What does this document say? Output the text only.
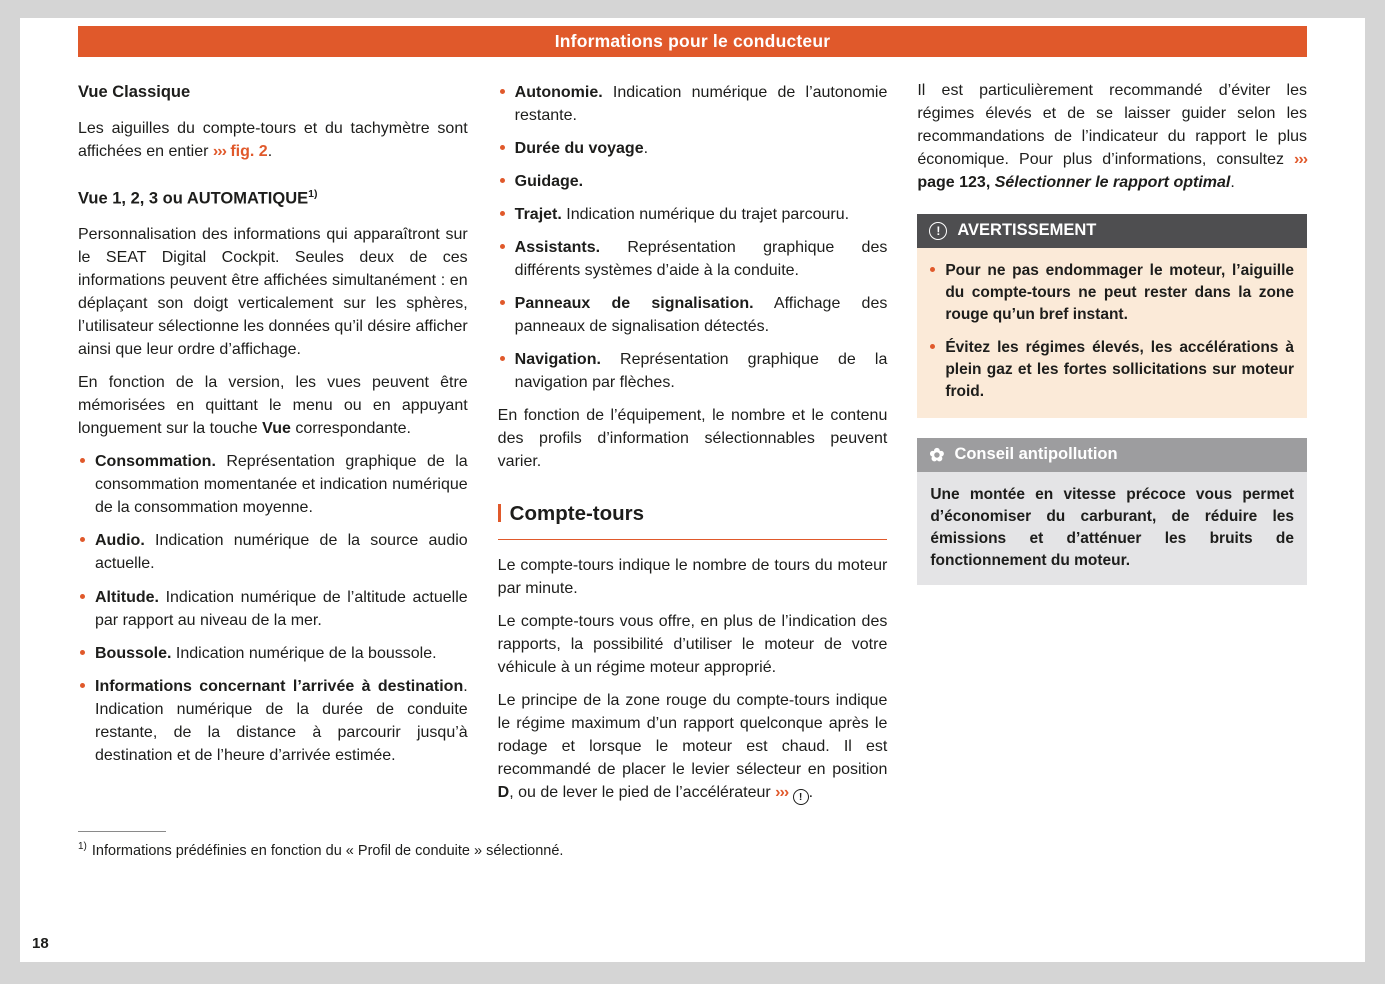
Informations pour le conducteur
Vue Classique

Les aiguilles du compte-tours et du tachymètre sont affichées en entier ››› fig. 2.

Vue 1, 2, 3 ou AUTOMATIQUE$^{1)}$

Personnalisation des informations qui apparaîtront sur le SEAT Digital Cockpit. Seules deux de ces informations peuvent être affichées simultanément : en déplaçant son doigt verticalement sur les sphères, l’utilisateur sélectionne les données qu’il désire afficher ainsi que leur ordre d’affichage.

En fonction de la version, les vues peuvent être mémorisées en quittant le menu ou en appuyant longuement sur la touche Vue correspondante.

Consommation. Représentation graphique de la consommation momentanée et indication numérique de la consommation moyenne.
Audio. Indication numérique de la source audio actuelle.
Altitude. Indication numérique de l’altitude actuelle par rapport au niveau de la mer.
Boussole. Indication numérique de la boussole.
Informations concernant l’arrivée à destination. Indication numérique de la durée de conduite restante, de la distance à parcourir jusqu’à destination et de l’heure d’arrivée estimée.
Autonomie. Indication numérique de l’autonomie restante.
Durée du voyage.
Guidage.
Trajet. Indication numérique du trajet parcouru.
Assistants. Représentation graphique des différents systèmes d’aide à la conduite.
Panneaux de signalisation. Affichage des panneaux de signalisation détectés.
Navigation. Représentation graphique de la navigation par flèches.

En fonction de l’équipement, le nombre et le contenu des profils d’information sélectionnables peuvent varier.

Compte-tours

Le compte-tours indique le nombre de tours du moteur par minute.

Le compte-tours vous offre, en plus de l’indication des rapports, la possibilité d’utiliser le moteur de votre véhicule à un régime moteur approprié.

Le principe de la zone rouge du compte-tours indique le régime maximum d’un rapport quelconque après le rodage et lorsque le moteur est chaud. Il est recommandé de placer le levier sélecteur en position D, ou de lever le pied de l’accélérateur ››› ! .

Il est particulièrement recommandé d’éviter les régimes élevés et de se laisser guider selon les recommandations de l’indicateur du rapport le plus économique. Pour plus d’informations, consultez ››› page 123, Sélectionner le rapport optimal.

!	AVERTISSEMENT
Pour ne pas endommager le moteur, l’aiguille du compte-tours ne peut rester dans la zone rouge qu’un bref instant.
Évitez les régimes élevés, les accélérations à plein gaz et les fortes sollicitations sur moteur froid.
✿ Conseil antipollution
Une montée en vitesse précoce vous permet d’économiser du carburant, de réduire les émissions et d’atténuer les bruits de fonctionnement du moteur.
$^{1)}$ Informations prédéfinies en fonction du « Profil de conduite » sélectionné.
18
